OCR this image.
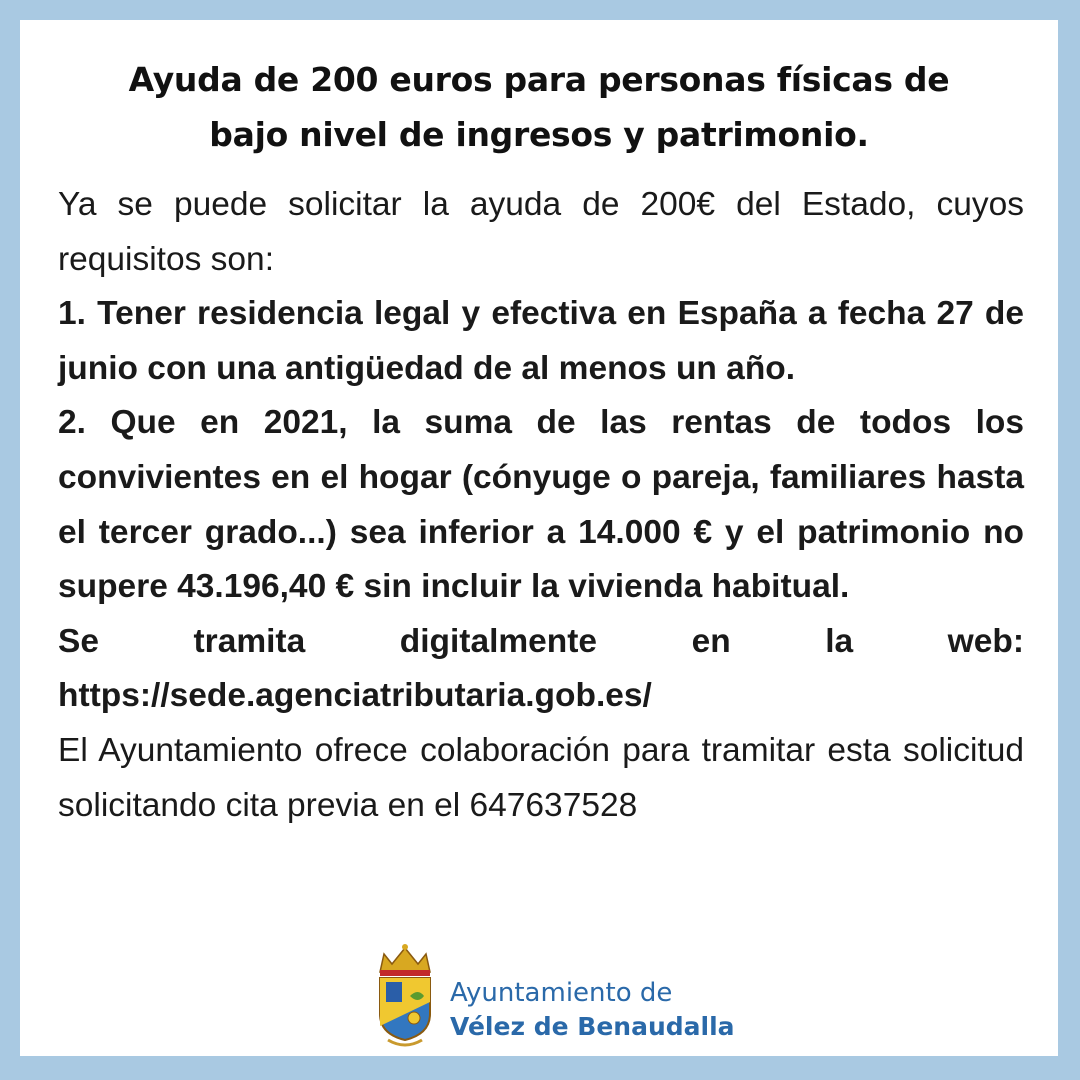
Ayuda de 200 euros para personas físicas de
bajo nivel de ingresos y patrimonio.

Ya se puede solicitar la ayuda de 200€ del Estado, cuyos requisitos son:

1. Tener residencia legal y efectiva en España a fecha 27 de junio con una antigüedad de al menos un año.

2. Que en 2021, la suma de las rentas de todos los convivientes en el hogar (cónyuge o pareja, familiares hasta el tercer grado...) sea inferior a 14.000 € y el patrimonio no supere 43.196,40 € sin incluir la vivienda habitual.

Se tramita digitalmente en la web:

https://sede.agenciatributaria.gob.es/

El Ayuntamiento ofrece colaboración para tramitar esta solicitud solicitando cita previa en el 647637528

Ayuntamiento de
Vélez de Benaudalla
